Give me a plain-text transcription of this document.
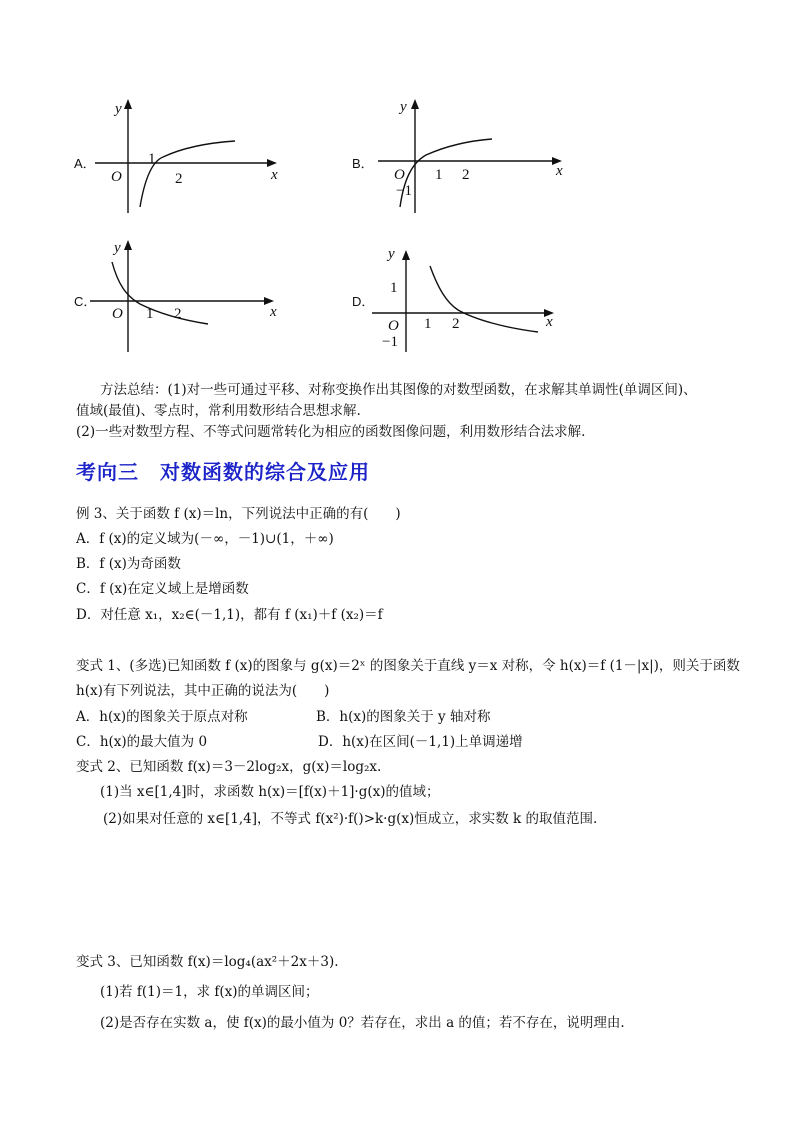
A．
y
x
O
1
2
B．
y
x
O
−1
1 2
C．
y
x
O 1 2
D．
y
x
O
1
−1
1 2
方法总结：(1)对一些可通过平移、对称变换作出其图像的对数型函数，在求解其单调性(单调区间)、
值域(最值)、零点时，常利用数形结合思想求解.
(2)一些对数型方程、不等式问题常转化为相应的函数图像问题，利用数形结合法求解.
考向三　对数函数的综合及应用
例 3、关于函数 f (x)＝ln，下列说法中正确的有(　　)
A．f (x)的定义域为(－∞，－1)∪(1，＋∞)
B．f (x)为奇函数
C．f (x)在定义域上是增函数
D．对任意 x₁，x₂∈(－1,1)，都有 f (x₁)＋f (x₂)＝f
变式 1、(多选)已知函数 f (x)的图象与 g(x)＝2ˣ 的图象关于直线 y＝x 对称，令 h(x)＝f (1－|x|)，则关于函数
h(x)有下列说法，其中正确的说法为(　　)
A．h(x)的图象关于原点对称	B．h(x)的图象关于 y 轴对称
C．h(x)的最大值为 0	D．h(x)在区间(－1,1)上单调递增
变式 2、已知函数 f(x)＝3－2log₂x，g(x)＝log₂x.
(1)当 x∈[1,4]时，求函数 h(x)＝[f(x)＋1]·g(x)的值域；
(2)如果对任意的 x∈[1,4]，不等式 f(x²)·f()>k·g(x)恒成立，求实数 k 的取值范围.
变式 3、已知函数 f(x)＝log₄(ax²＋2x＋3).
(1)若 f(1)＝1，求 f(x)的单调区间；
(2)是否存在实数 a，使 f(x)的最小值为 0？若存在，求出 a 的值；若不存在，说明理由.
